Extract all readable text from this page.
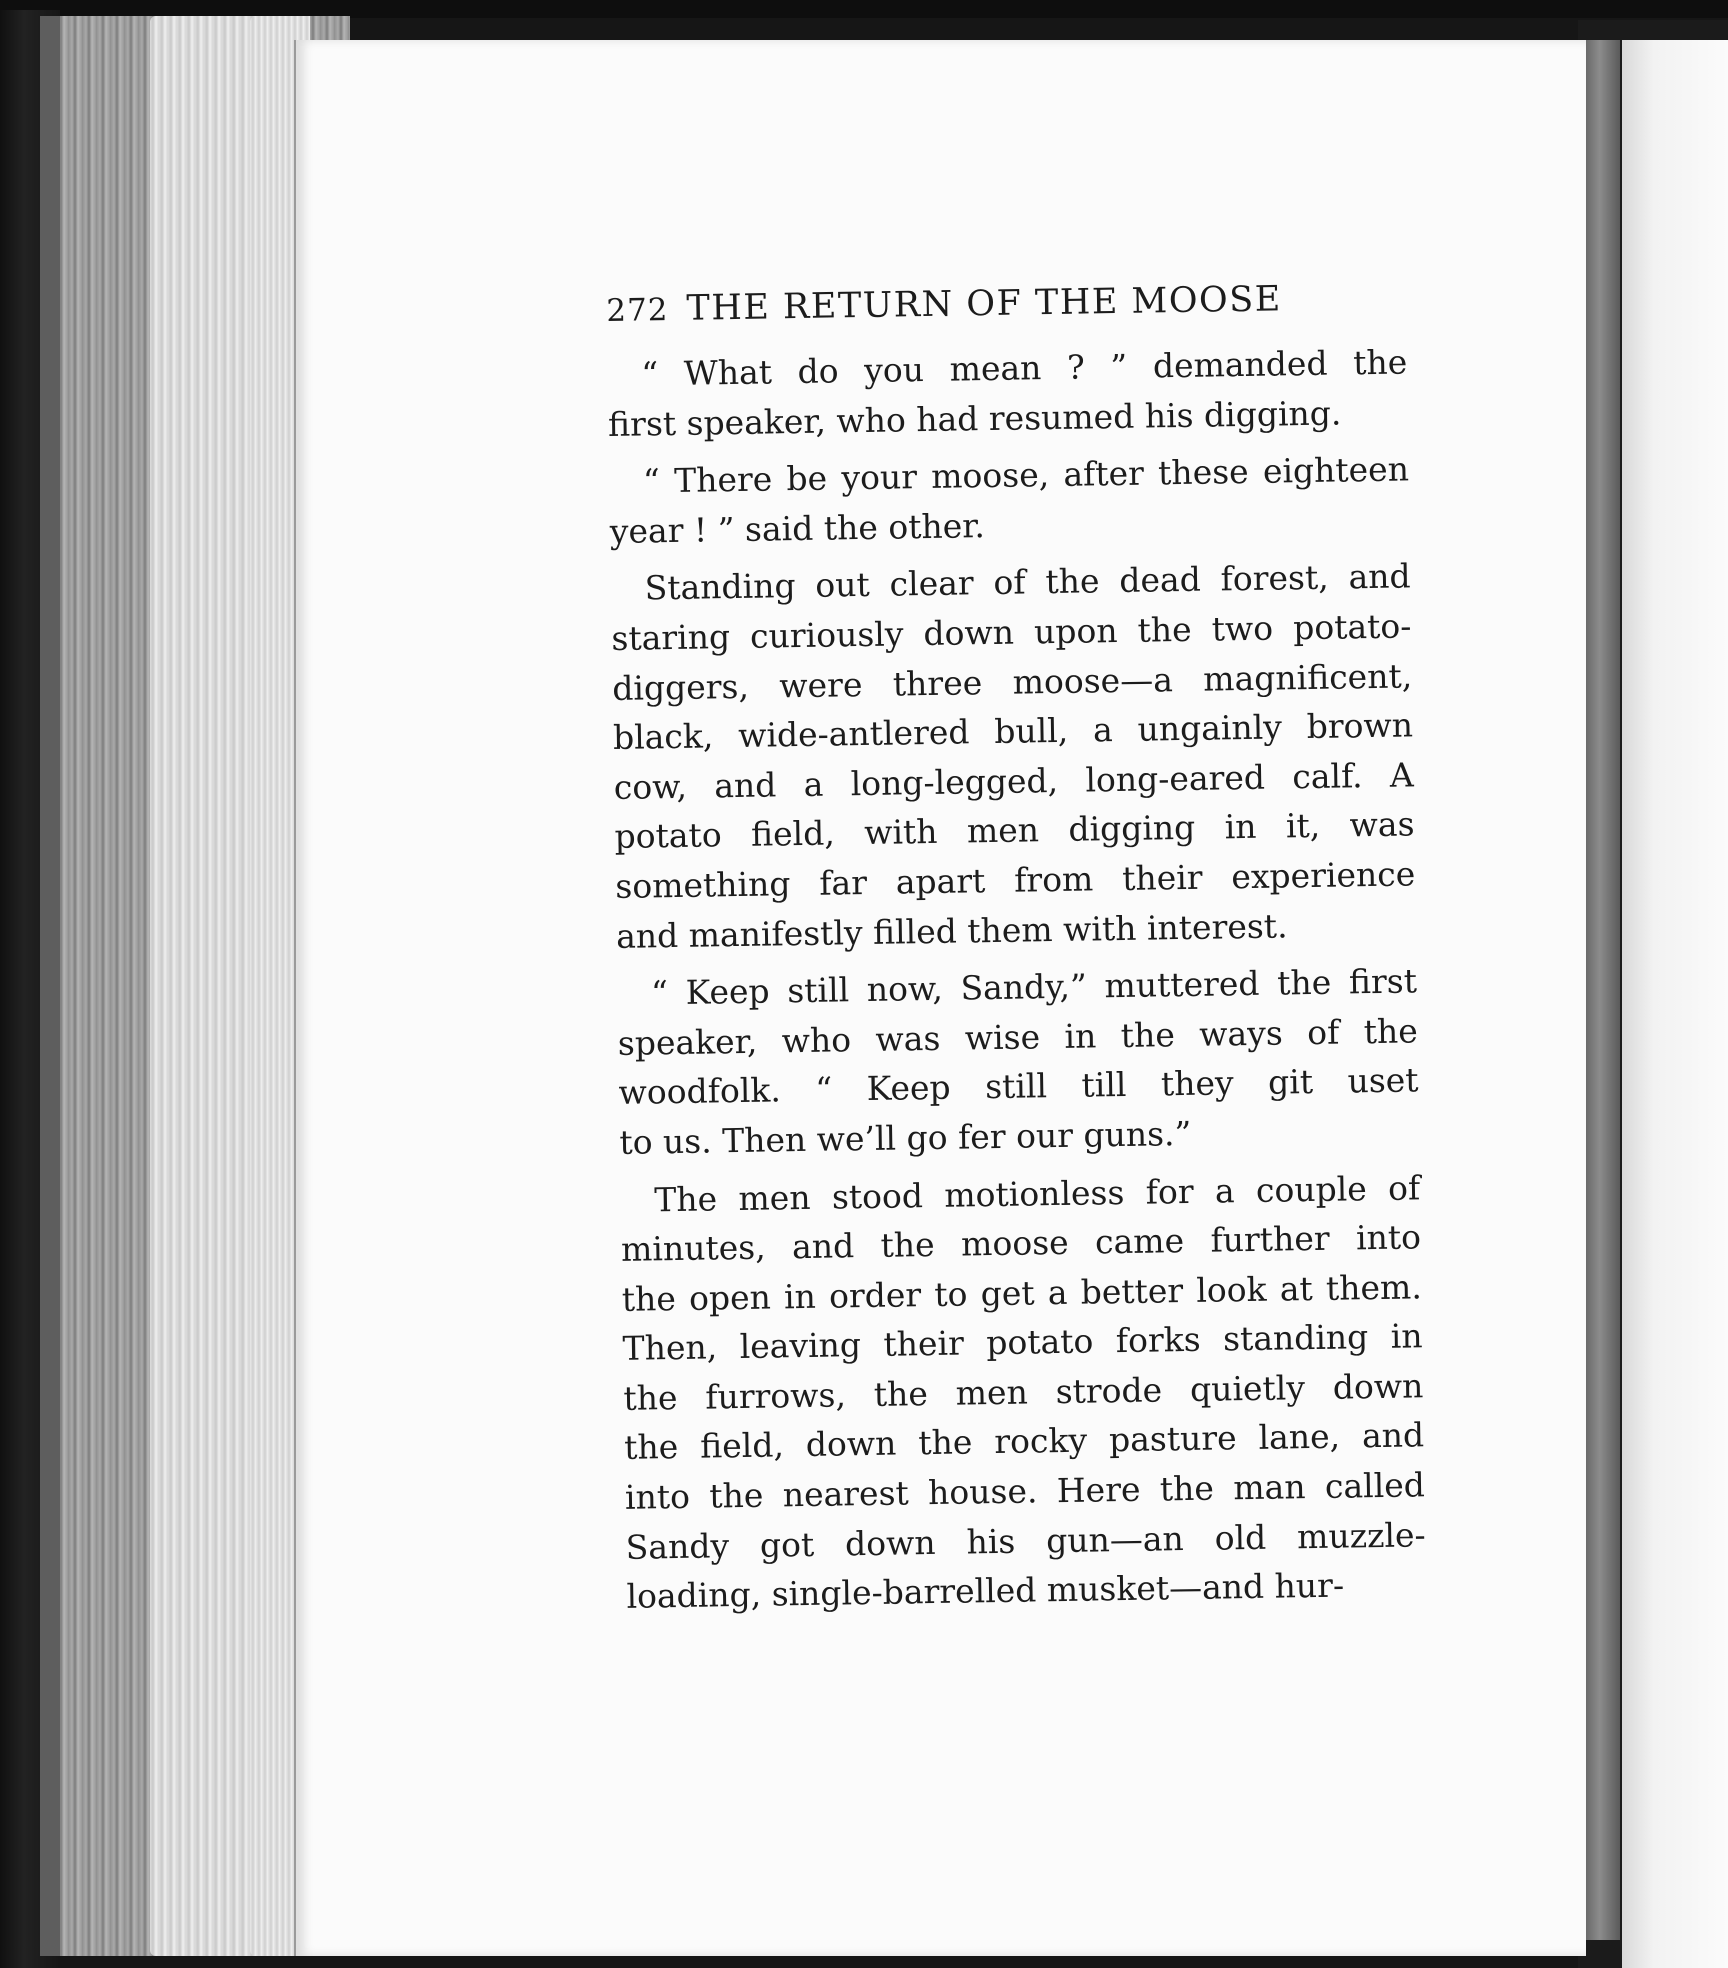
272 THE RETURN OF THE MOOSE
“ What do you mean ? ” demanded the
first speaker, who had resumed his digging.
“ There be your moose, after these eighteen
year ! ” said the other.
Standing out clear of the dead forest, and
staring curiously down upon the two potato-
diggers, were three moose—a magnificent,
black, wide-antlered bull, a ungainly brown
cow, and a long-legged, long-eared calf. A
potato field, with men digging in it, was
something far apart from their experience
and manifestly filled them with interest.
“ Keep still now, Sandy,” muttered the first
speaker, who was wise in the ways of the
woodfolk. “ Keep still till they git uset
to us. Then we’ll go fer our guns.”
The men stood motionless for a couple of
minutes, and the moose came further into
the open in order to get a better look at them.
Then, leaving their potato forks standing in
the furrows, the men strode quietly down
the field, down the rocky pasture lane, and
into the nearest house. Here the man called
Sandy got down his gun—an old muzzle-
loading, single-barrelled musket—and hur-
